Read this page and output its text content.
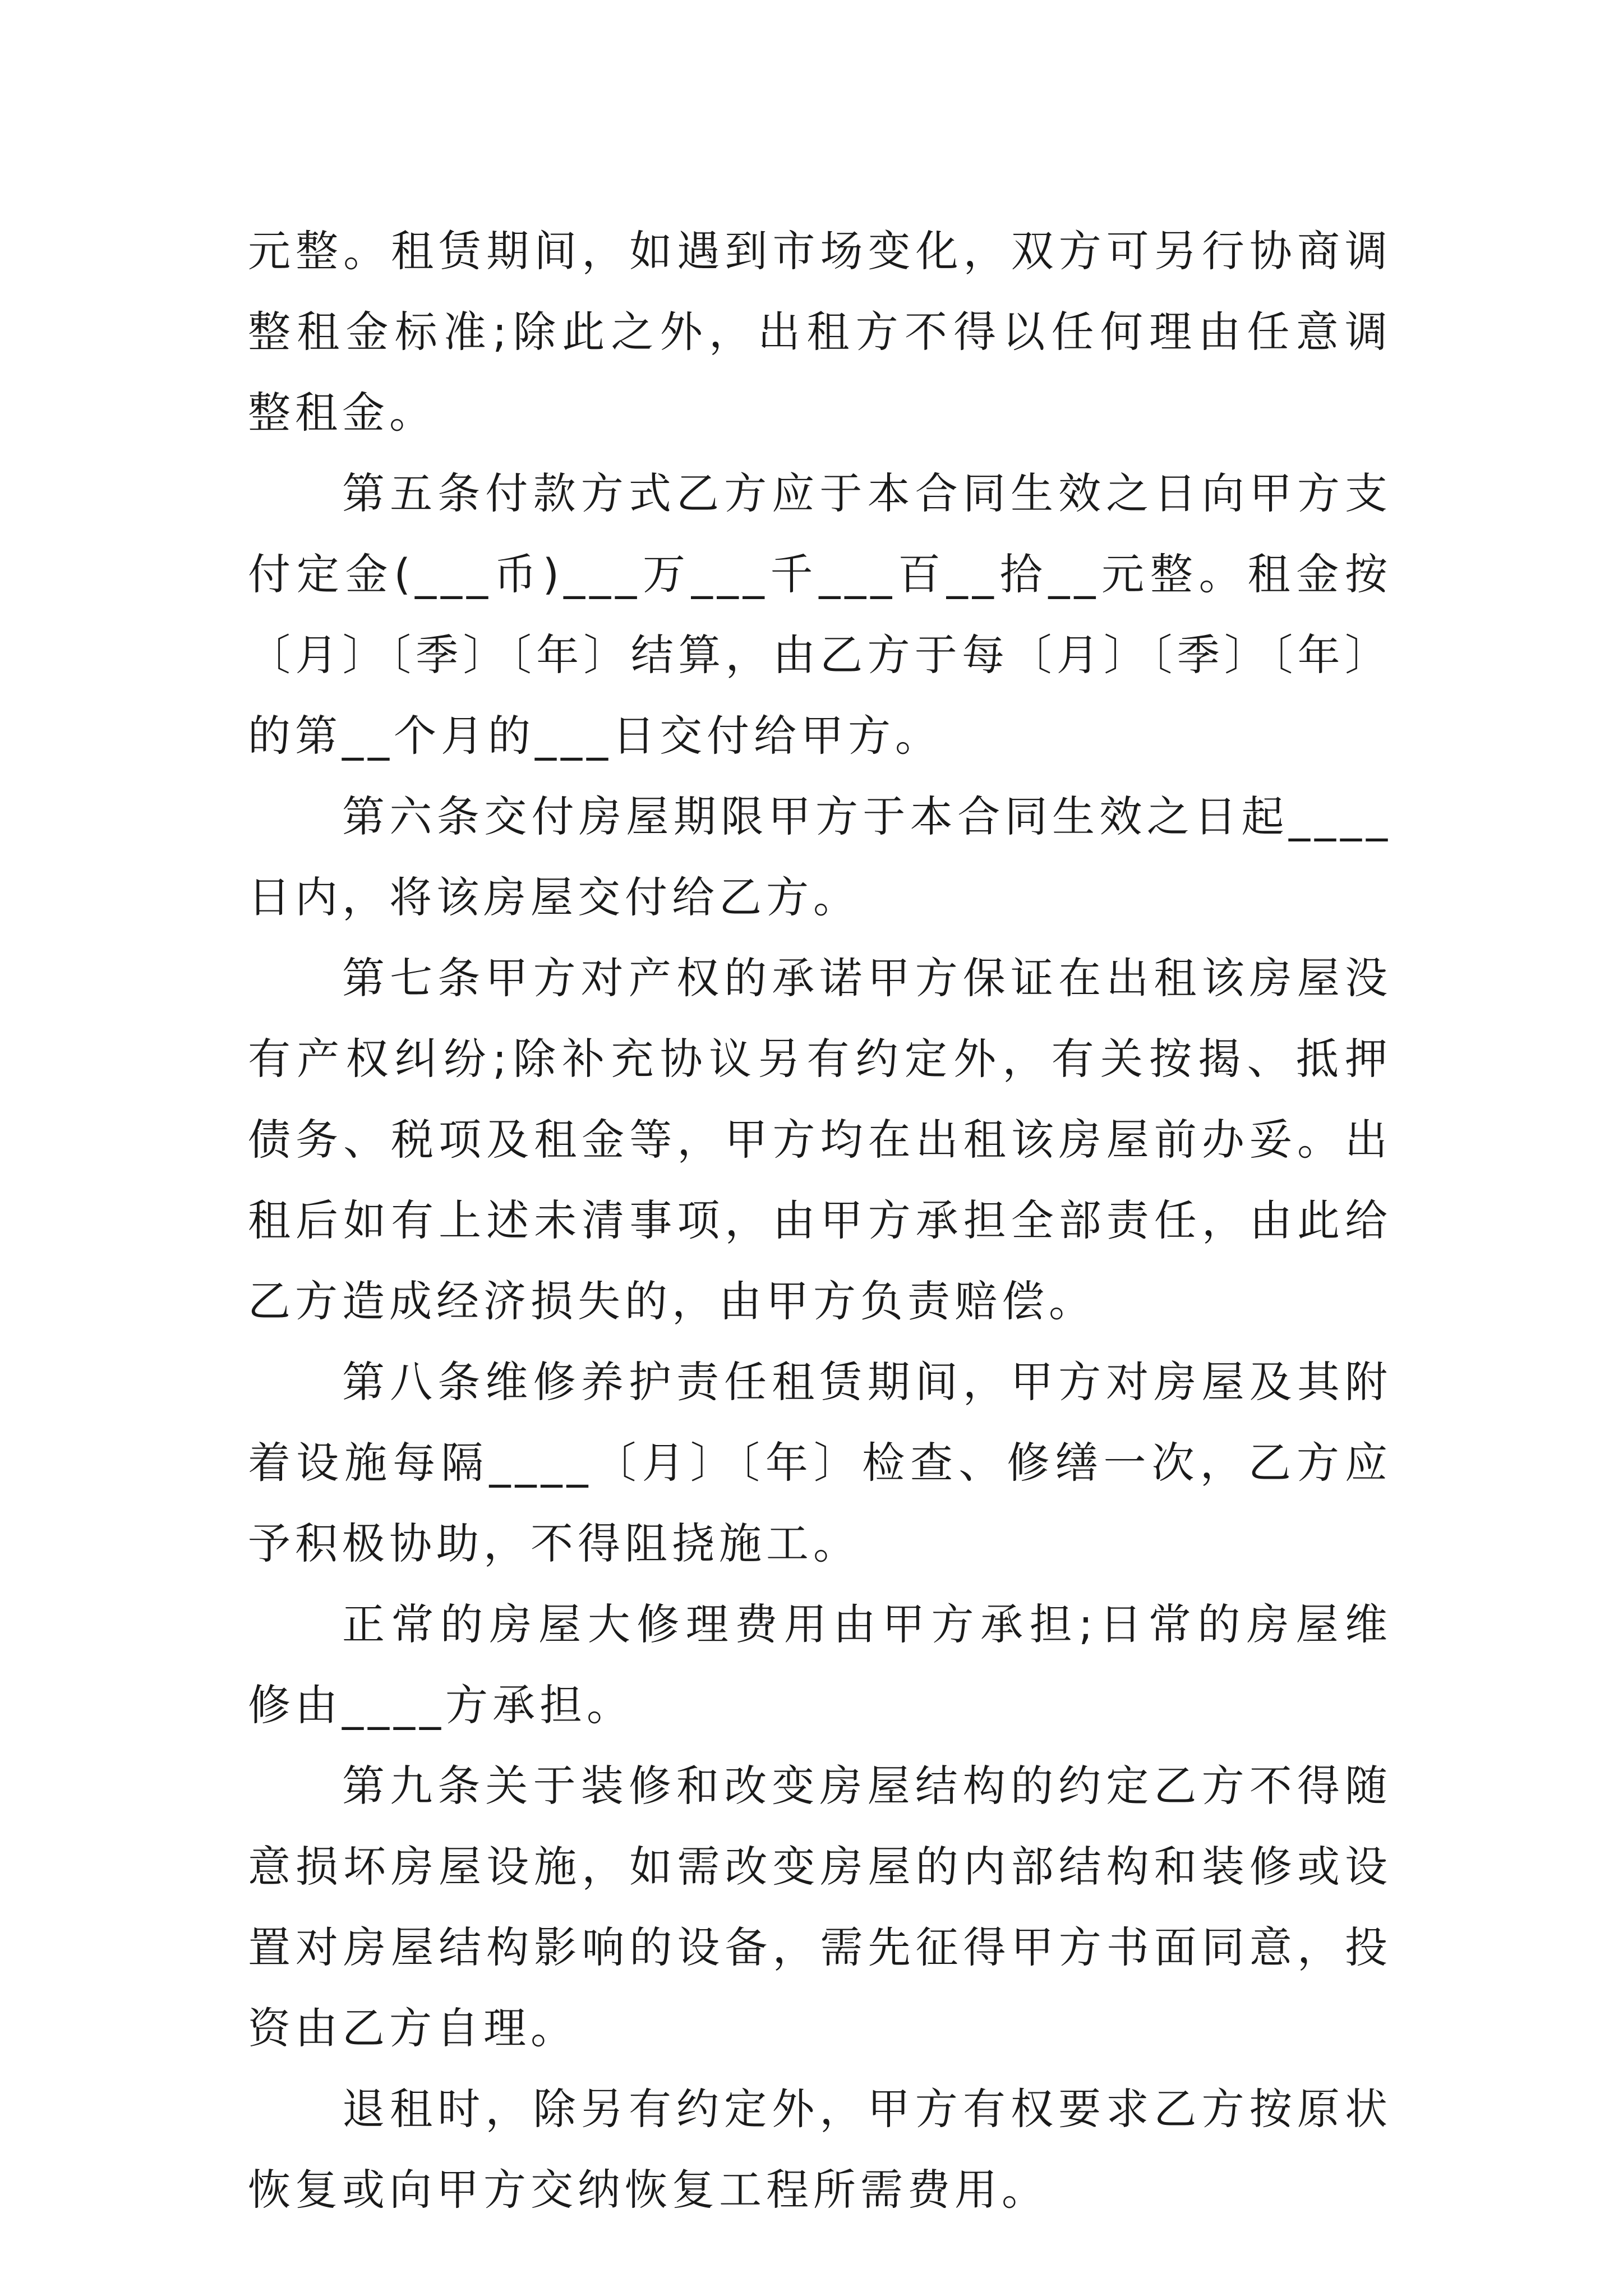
元整。租赁期间，如遇到市场变化，双方可另行协商调整租金标准;除此之外，出租方不得以任何理由任意调整租金。

第五条付款方式乙方应于本合同生效之日向甲方支付定金(___币)___万___千___百__拾__元整。租金按〔月〕〔季〕〔年〕结算，由乙方于每〔月〕〔季〕〔年〕的第__个月的___日交付给甲方。

第六条交付房屋期限甲方于本合同生效之日起____日内，将该房屋交付给乙方。

第七条甲方对产权的承诺甲方保证在出租该房屋没有产权纠纷;除补充协议另有约定外，有关按揭、抵押债务、税项及租金等，甲方均在出租该房屋前办妥。出租后如有上述未清事项，由甲方承担全部责任，由此给乙方造成经济损失的，由甲方负责赔偿。

第八条维修养护责任租赁期间，甲方对房屋及其附着设施每隔____〔月〕〔年〕检查、修缮一次，乙方应予积极协助，不得阻挠施工。

正常的房屋大修理费用由甲方承担;日常的房屋维修由____方承担。

第九条关于装修和改变房屋结构的约定乙方不得随意损坏房屋设施，如需改变房屋的内部结构和装修或设置对房屋结构影响的设备，需先征得甲方书面同意，投资由乙方自理。

退租时，除另有约定外，甲方有权要求乙方按原状恢复或向甲方交纳恢复工程所需费用。
